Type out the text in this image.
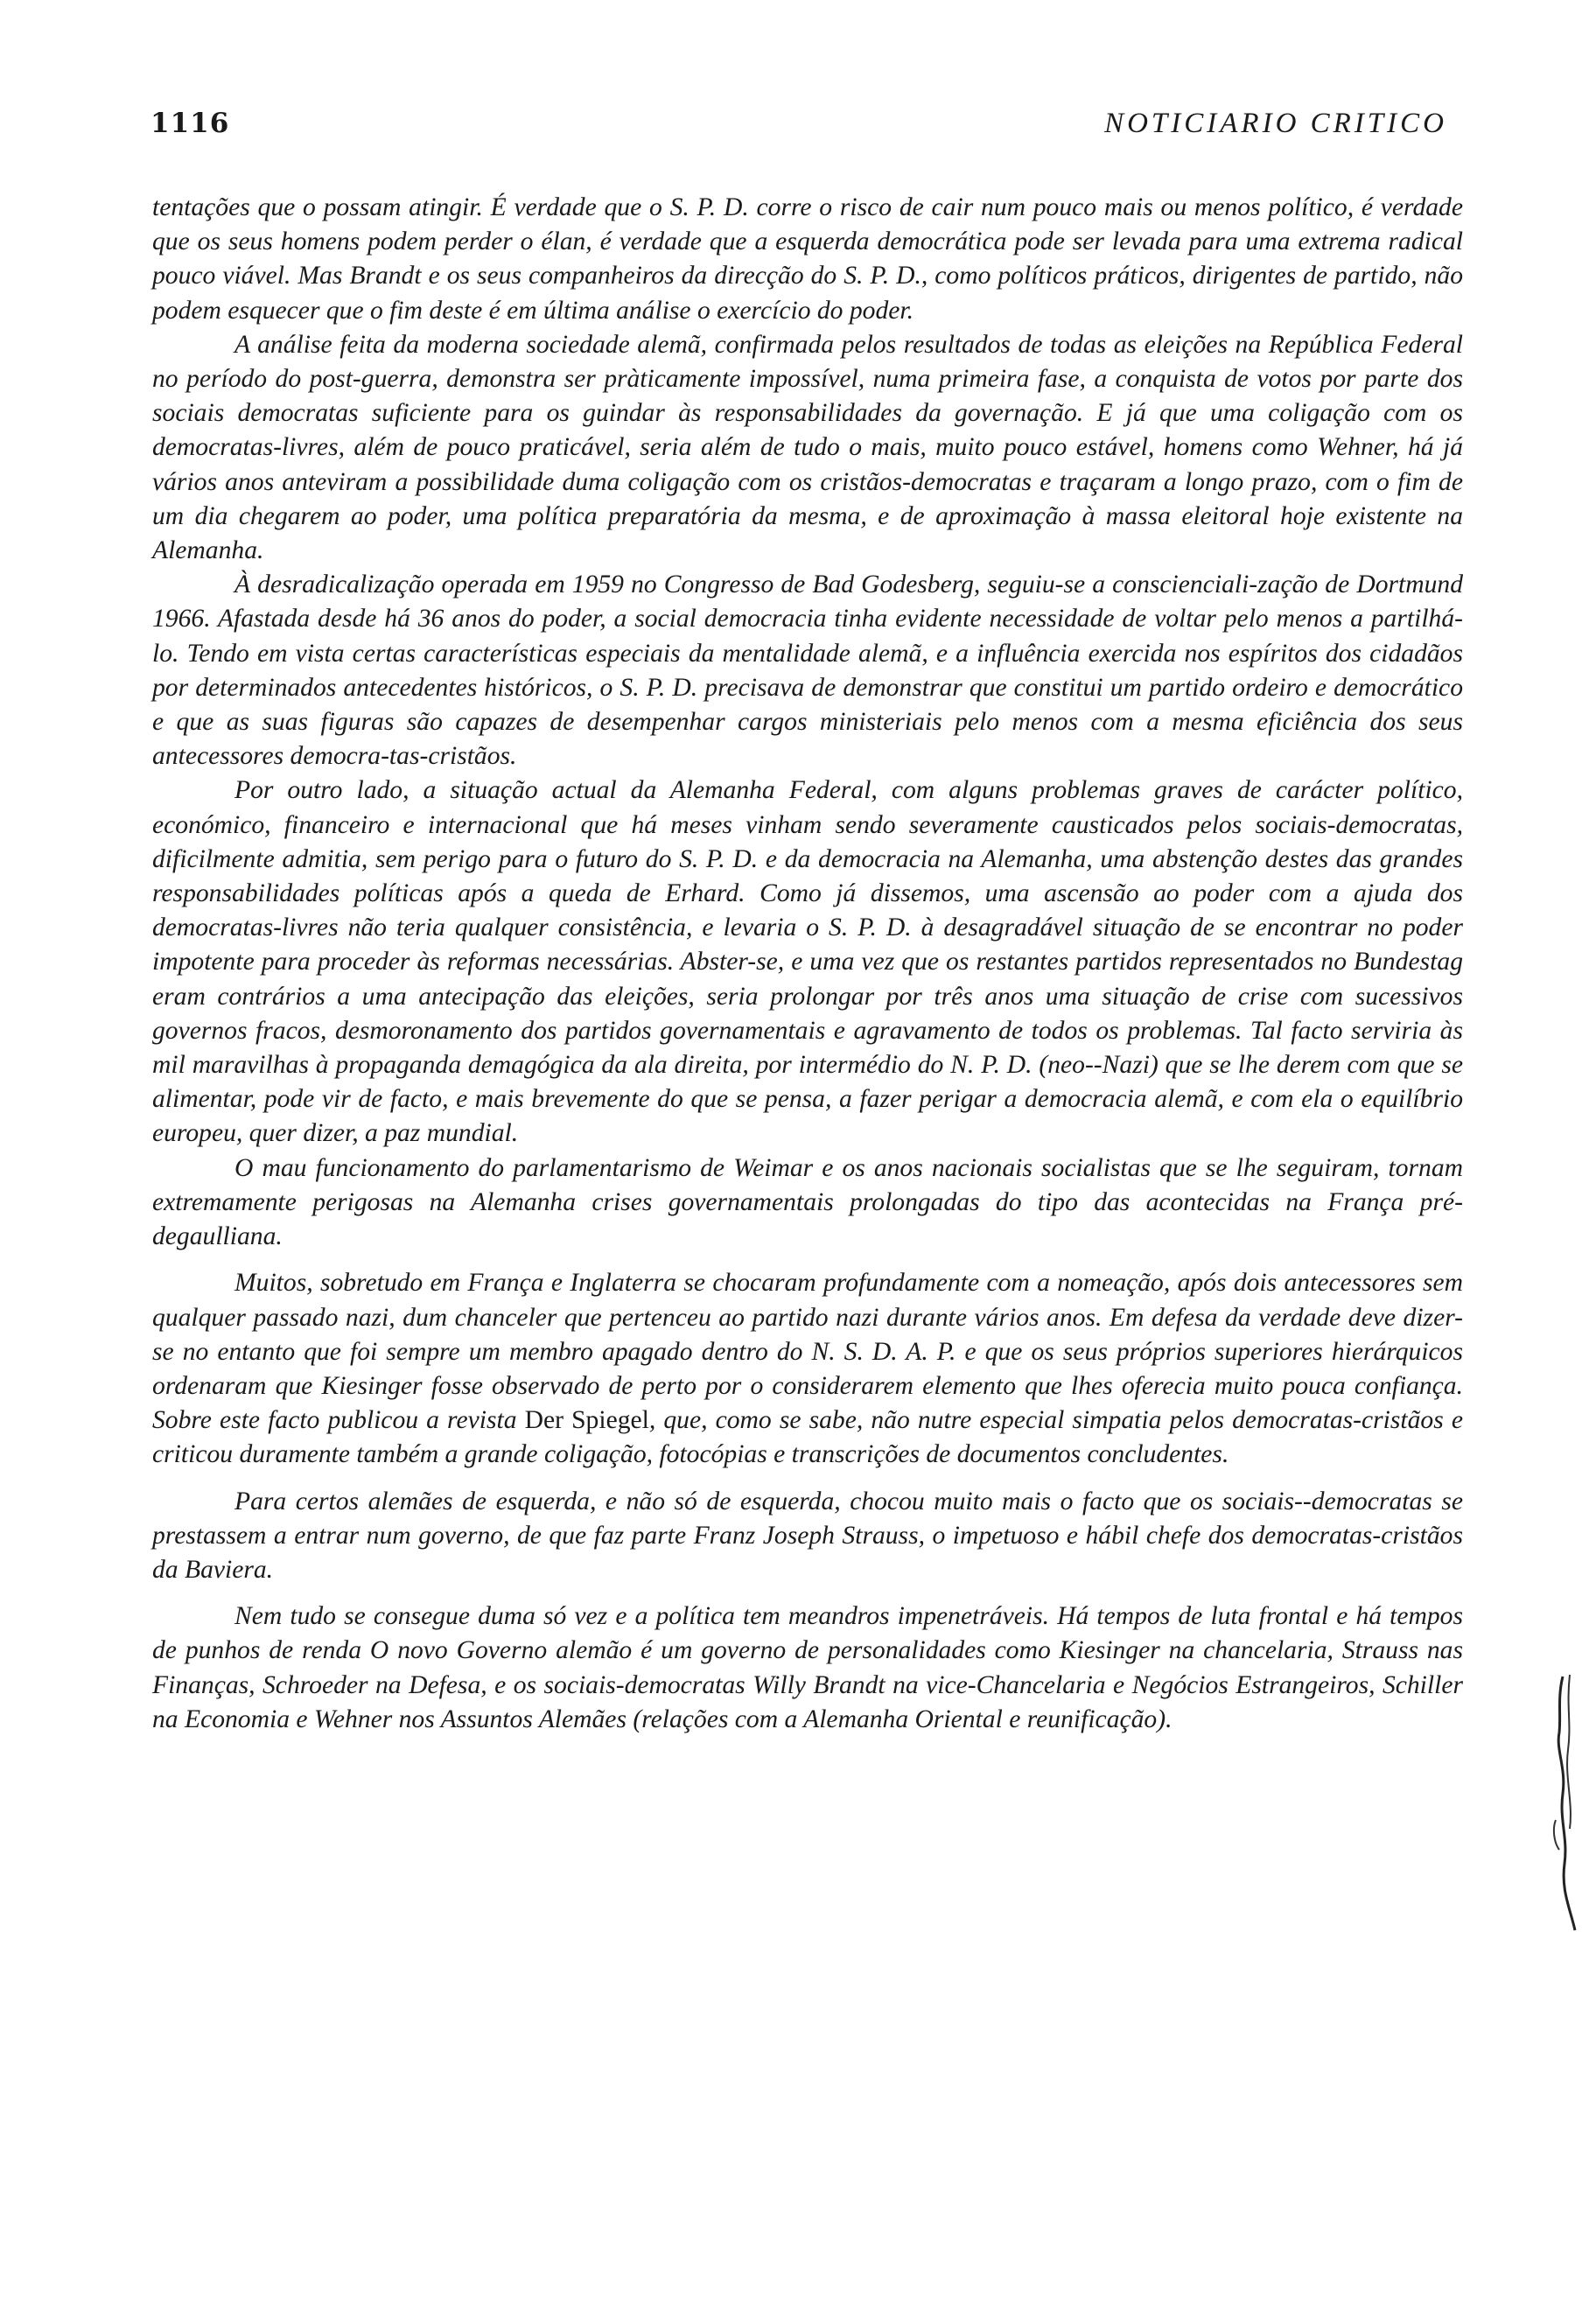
1116	NOTICIARIO CRITICO

tentações que o possam atingir. É verdade que o S. P. D. corre o risco de cair num pouco mais ou menos político, é verdade que os seus homens podem perder o élan, é verdade que a esquerda democrática pode ser levada para uma extrema radical pouco viável. Mas Brandt e os seus companheiros da direcção do S. P. D., como políticos práticos, dirigentes de partido, não podem esquecer que o fim deste é em última análise o exercício do poder.

A análise feita da moderna sociedade alemã, confirmada pelos resultados de todas as eleições na República Federal no período do post-guerra, demonstra ser pràticamente impossível, numa primeira fase, a conquista de votos por parte dos sociais democratas suficiente para os guindar às responsabilidades da governação. E já que uma coligação com os democratas-livres, além de pouco praticável, seria além de tudo o mais, muito pouco estável, homens como Wehner, há já vários anos anteviram a possibilidade duma coligação com os cristãos-democratas e traçaram a longo prazo, com o fim de um dia chegarem ao poder, uma política preparatória da mesma, e de aproximação à massa eleitoral hoje existente na Alemanha.

À desradicalização operada em 1959 no Congresso de Bad Godesberg, seguiu-se a conscienciali-zação de Dortmund 1966. Afastada desde há 36 anos do poder, a social democracia tinha evidente necessidade de voltar pelo menos a partilhá-lo. Tendo em vista certas características especiais da mentalidade alemã, e a influência exercida nos espíritos dos cidadãos por determinados antecedentes históricos, o S. P. D. precisava de demonstrar que constitui um partido ordeiro e democrático e que as suas figuras são capazes de desempenhar cargos ministeriais pelo menos com a mesma eficiência dos seus antecessores democra-tas-cristãos.

Por outro lado, a situação actual da Alemanha Federal, com alguns problemas graves de carácter político, económico, financeiro e internacional que há meses vinham sendo severamente causticados pelos sociais-democratas, dificilmente admitia, sem perigo para o futuro do S. P. D. e da democracia na Alemanha, uma abstenção destes das grandes responsabilidades políticas após a queda de Erhard. Como já dissemos, uma ascensão ao poder com a ajuda dos democratas-livres não teria qualquer consistência, e levaria o S. P. D. à desagradável situação de se encontrar no poder impotente para proceder às reformas necessárias. Abster-se, e uma vez que os restantes partidos representados no Bundestag eram contrários a uma antecipação das eleições, seria prolongar por três anos uma situação de crise com sucessivos governos fracos, desmoronamento dos partidos governamentais e agravamento de todos os problemas. Tal facto serviria às mil maravilhas à propaganda demagógica da ala direita, por intermédio do N. P. D. (neo--Nazi) que se lhe derem com que se alimentar, pode vir de facto, e mais brevemente do que se pensa, a fazer perigar a democracia alemã, e com ela o equilíbrio europeu, quer dizer, a paz mundial.

O mau funcionamento do parlamentarismo de Weimar e os anos nacionais socialistas que se lhe seguiram, tornam extremamente perigosas na Alemanha crises governamentais prolongadas do tipo das acontecidas na França pré-degaulliana.

Muitos, sobretudo em França e Inglaterra se chocaram profundamente com a nomeação, após dois antecessores sem qualquer passado nazi, dum chanceler que pertenceu ao partido nazi durante vários anos. Em defesa da verdade deve dizer-se no entanto que foi sempre um membro apagado dentro do N. S. D. A. P. e que os seus próprios superiores hierárquicos ordenaram que Kiesinger fosse observado de perto por o considerarem elemento que lhes oferecia muito pouca confiança. Sobre este facto publicou a revista Der Spiegel, que, como se sabe, não nutre especial simpatia pelos democratas-cristãos e criticou duramente também a grande coligação, fotocópias e transcrições de documentos concludentes.

Para certos alemães de esquerda, e não só de esquerda, chocou muito mais o facto que os sociais--democratas se prestassem a entrar num governo, de que faz parte Franz Joseph Strauss, o impetuoso e hábil chefe dos democratas-cristãos da Baviera.

Nem tudo se consegue duma só vez e a política tem meandros impenetráveis. Há tempos de luta frontal e há tempos de punhos de renda O novo Governo alemão é um governo de personalidades como Kiesinger na chancelaria, Strauss nas Finanças, Schroeder na Defesa, e os sociais-democratas Willy Brandt na vice-Chancelaria e Negócios Estrangeiros, Schiller na Economia e Wehner nos Assuntos Alemães (relações com a Alemanha Oriental e reunificação).
